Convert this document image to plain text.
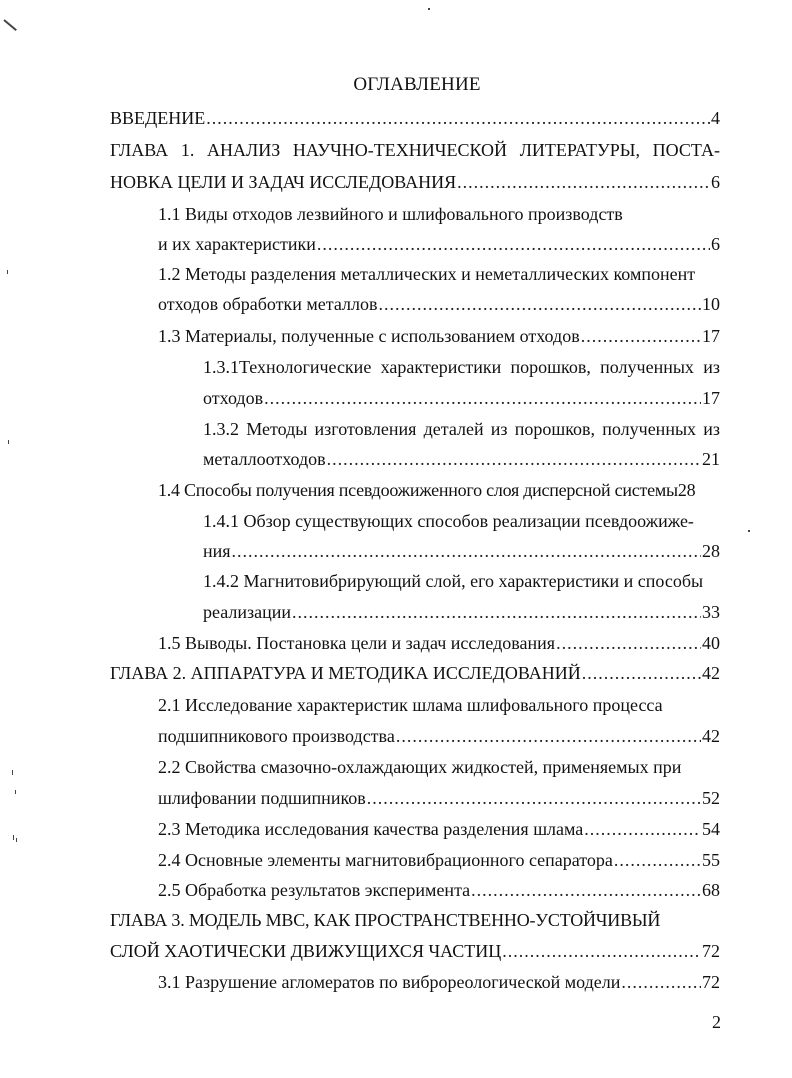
ОГЛАВЛЕНИЕ
ВВЕДЕНИЕ .....	4
ГЛАВА 1. АНАЛИЗ НАУЧНО-ТЕХНИЧЕСКОЙ ЛИТЕРАТУРЫ, ПОСТА-
НОВКА ЦЕЛИ И ЗАДАЧ ИССЛЕДОВАНИЯ .....	6
1.1 Виды отходов лезвийного и шлифовального производств
и их характеристики .....	6
1.2 Методы разделения металлических и неметаллических компонент
отходов обработки металлов .....	10
1.3 Материалы, полученные с использованием отходов .....	17
1.3.1Технологические характеристики порошков, полученных из
отходов .....	17
1.3.2 Методы изготовления деталей из порошков, полученных из
металлоотходов .....	21
1.4 Способы получения псевдоожиженного слоя дисперсной системы28
1.4.1 Обзор существующих способов реализации псевдоожиже-
ния .....	28
1.4.2 Магнитовибрирующий слой, его характеристики и способы
реализации .....	33
1.5 Выводы. Постановка цели и задач исследования .....	40
ГЛАВА 2. АППАРАТУРА И МЕТОДИКА ИССЛЕДОВАНИЙ .....	42
2.1 Исследование характеристик шлама шлифовального процесса
подшипникового производства .....	42
2.2 Свойства смазочно-охлаждающих жидкостей, применяемых при
шлифовании подшипников .....	52
2.3 Методика исследования качества разделения шлама .....	54
2.4 Основные элементы магнитовибрационного сепаратора .....	55
2.5 Обработка результатов эксперимента .....	68
ГЛАВА 3. МОДЕЛЬ МВС, КАК ПРОСТРАНСТВЕННО-УСТОЙЧИВЫЙ
СЛОЙ ХАОТИЧЕСКИ ДВИЖУЩИХСЯ ЧАСТИЦ .....	72
3.1 Разрушение агломератов по виброреологической модели .....	72
2
